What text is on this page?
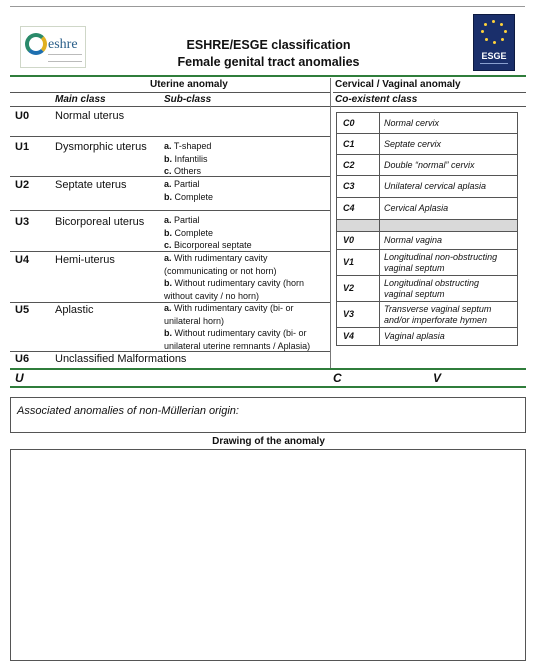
eshre
ESGE
ESHRE/ESGE classification
Female genital tract anomalies
Uterine anomaly	Cervical / Vaginal anomaly
Main class	Sub-class	Co-existent class
U0 Normal uterus
U1 Dysmorphic uterus a. T-shaped
b. Infantilis
c. Others
U2 Septate uterus	a. Partial
b. Complete
U3 Bicorporeal uterus a. Partial
b. Complete
c. Bicorporeal septate
U4 Hemi-uterus	a. With rudimentary cavity
(communicating or not horn)
b. Without rudimentary cavity (horn
without cavity / no horn)
U5 Aplastic	a. With rudimentary cavity (bi- or
unilateral horn)
b. Without rudimentary cavity (bi- or
unilateral uterine remnants / Aplasia)
U6 Unclassified Malformations
C0	Normal cervix
C1	Septate cervix
C2	Double “normal” cervix
C3	Unilateral cervical aplasia
C4	Cervical Aplasia

V0	Normal vagina
V1	Longitudinal non-obstructing
vaginal septum

V2	Longitudinal obstructing
vaginal septum

V3	Transverse vaginal septum
and/or imperforate hymen

V4	Vaginal aplasia
U	C	V
Associated anomalies of non-Müllerian origin:
Drawing of the anomaly
